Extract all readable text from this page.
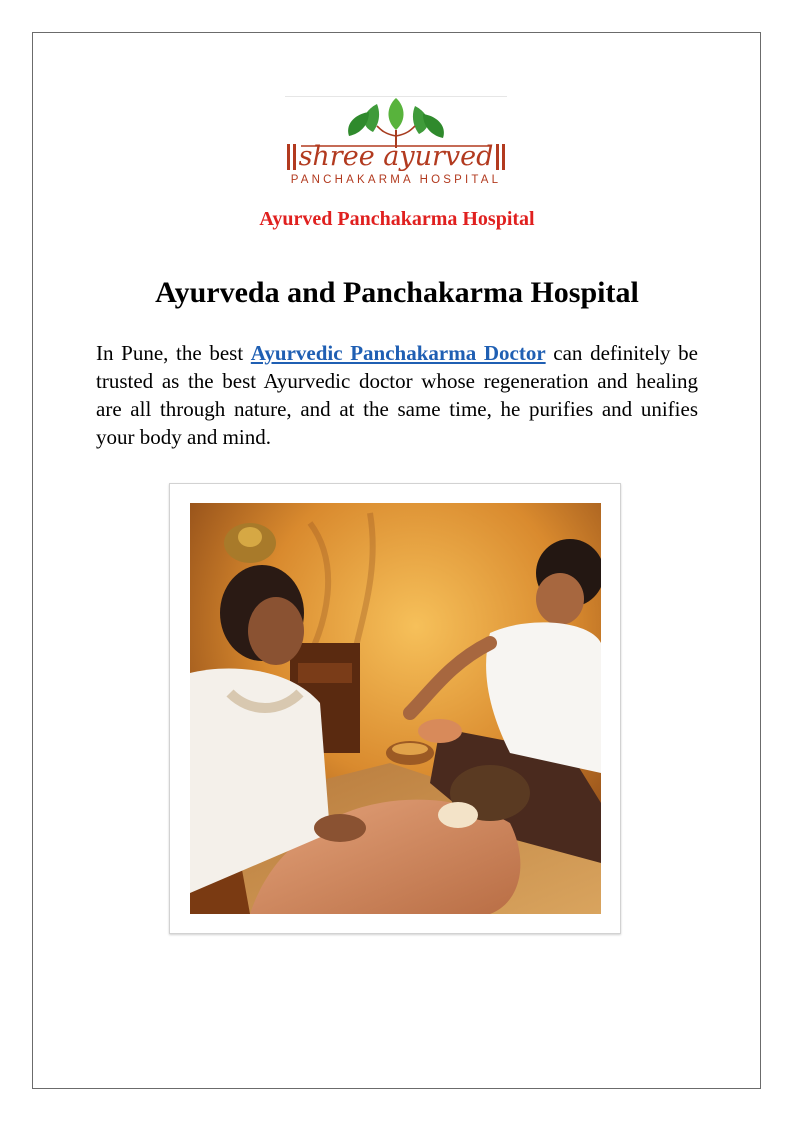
shree ayurved
PANCHAKARMA HOSPITAL
Ayurved Panchakarma Hospital
Ayurveda and Panchakarma Hospital

In Pune, the best Ayurvedic Panchakarma Doctor can definitely be trusted as the best Ayurvedic doctor whose regeneration and healing are all through nature, and at the same time, he purifies and unifies your body and mind.
